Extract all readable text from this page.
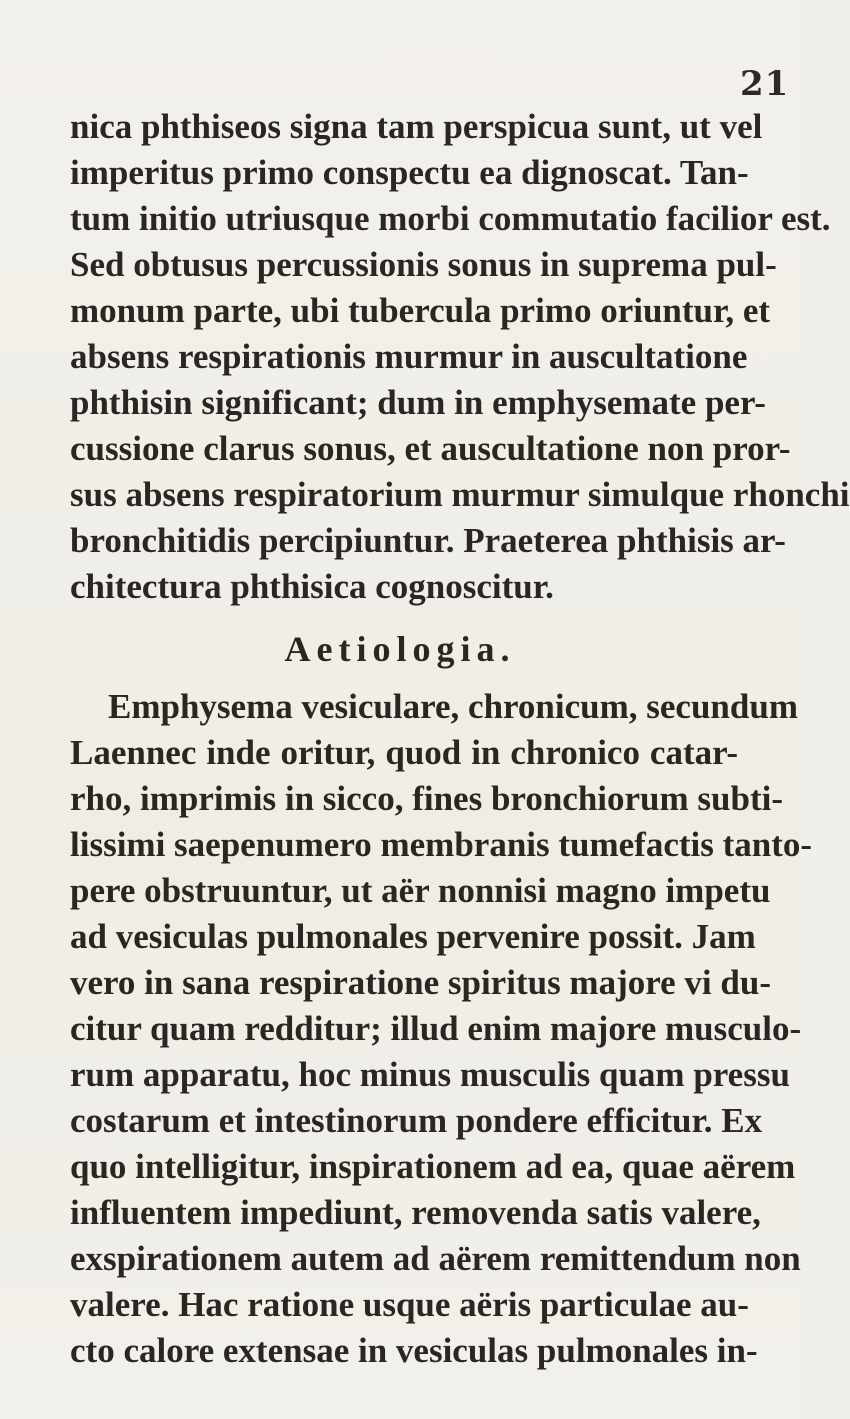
21
nica phthiseos signa tam perspicua sunt, ut vel
imperitus primo conspectu ea dignoscat. Tan-
tum initio utriusque morbi commutatio facilior est.
Sed obtusus percussionis sonus in suprema pul-
monum parte, ubi tubercula primo oriuntur, et
absens respirationis murmur in auscultatione
phthisin significant; dum in emphysemate per-
cussione clarus sonus, et auscultatione non pror-
sus absens respiratorium murmur simulque rhonchi
bronchitidis percipiuntur. Praeterea phthisis ar-
chitectura phthisica cognoscitur.
Aetiologia.
Emphysema vesiculare, chronicum, secundum
Laennec inde oritur, quod in chronico catar-
rho, imprimis in sicco, fines bronchiorum subti-
lissimi saepenumero membranis tumefactis tanto-
pere obstruuntur, ut aër nonnisi magno impetu
ad vesiculas pulmonales pervenire possit. Jam
vero in sana respiratione spiritus majore vi du-
citur quam redditur; illud enim majore musculo-
rum apparatu, hoc minus musculis quam pressu
costarum et intestinorum pondere efficitur. Ex
quo intelligitur, inspirationem ad ea, quae aërem
influentem impediunt, removenda satis valere,
exspirationem autem ad aërem remittendum non
valere. Hac ratione usque aëris particulae au-
cto calore extensae in vesiculas pulmonales in-
